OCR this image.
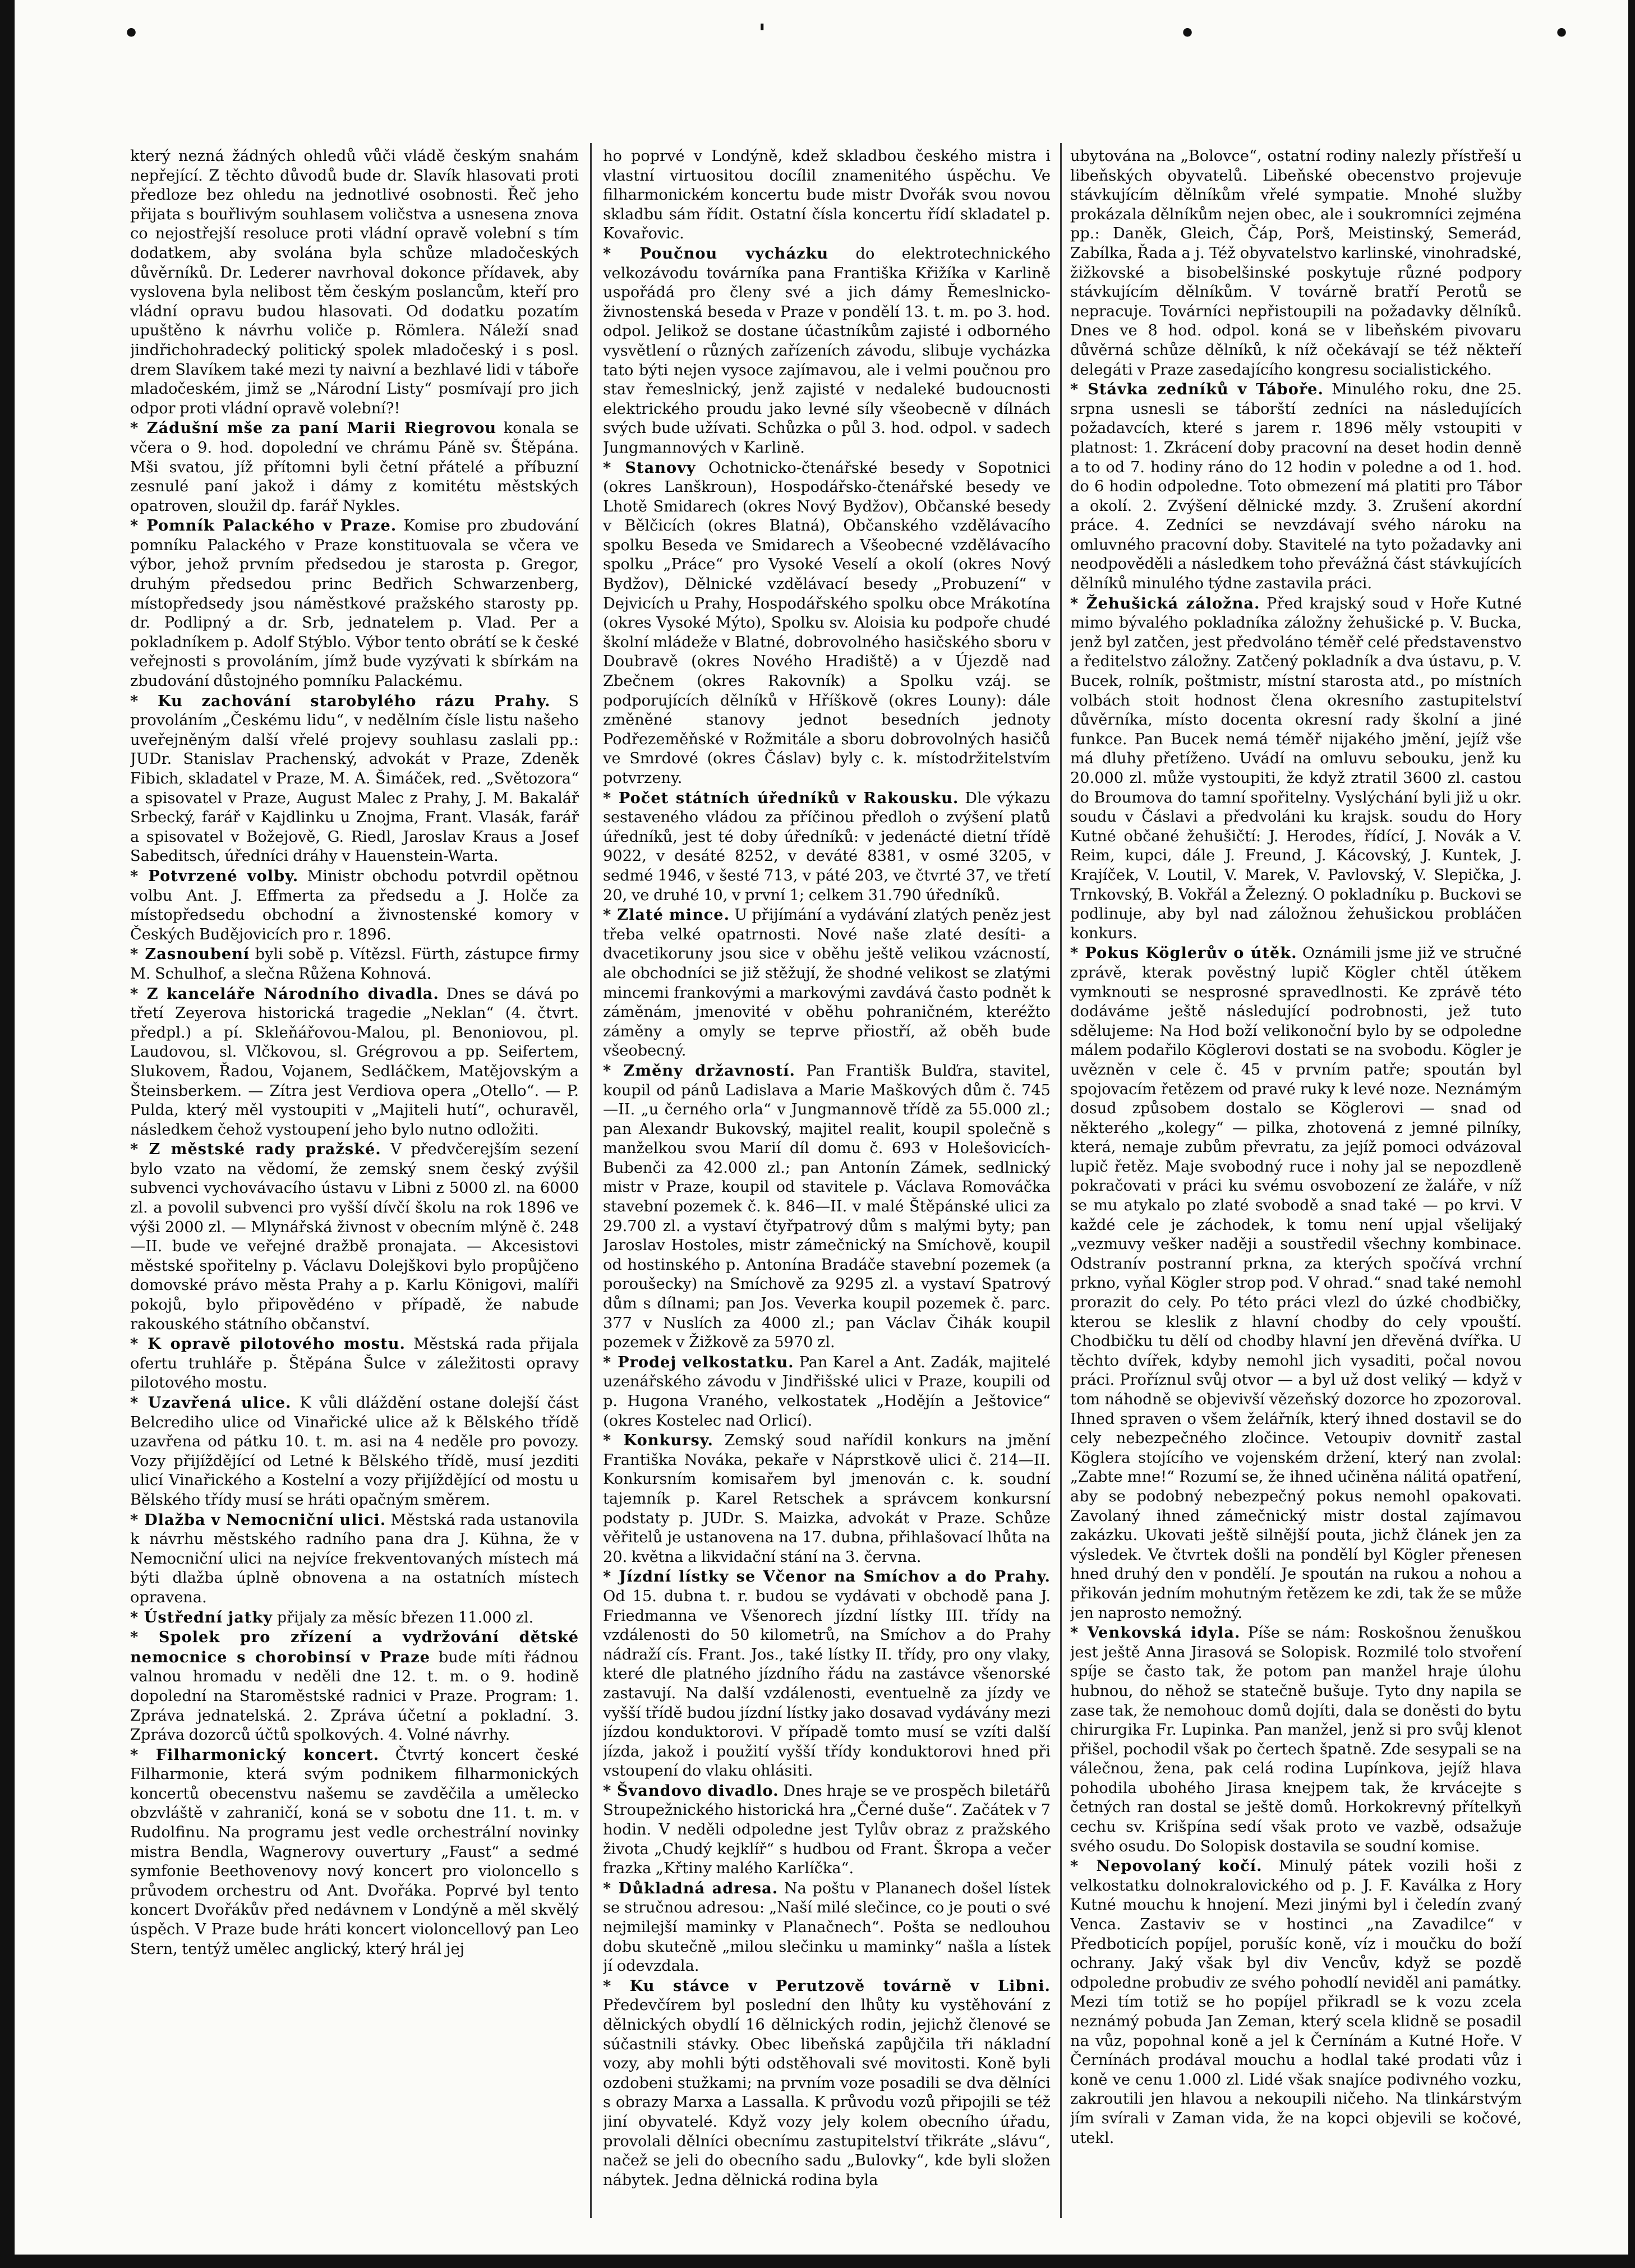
•	'	•	•

který nezná žádných ohledů vůči vládě českým snahám nepřející. Z těchto důvodů bude dr. Slavík hlasovati proti předloze bez ohledu na jednotlivé osobnosti. Řeč jeho přijata s bouřlivým souhlasem voličstva a usnesena znova co nejostřejší resoluce proti vládní opravě volební s tím dodatkem, aby svolána byla schůze mladočeských důvěrníků. Dr. Lederer navrhoval dokonce přídavek, aby vyslovena byla nelibost těm českým poslancům, kteří pro vládní opravu budou hlasovati. Od dodatku pozatím upuštěno k návrhu voliče p. Römlera. Náleží snad jindřichohradecký politický spolek mladočeský i s posl. drem Slavíkem také mezi ty naivní a bezhlavé lidi v táboře mladočeském, jimž se „Národní Listy“ posmívají pro jich odpor proti vládní opravě volební?!

* Zádušní mše za paní Marii Riegrovou konala se včera o 9. hod. dopolední ve chrámu Páně sv. Štěpána. Mši svatou, jíž přítomni byli četní přátelé a příbuzní zesnulé paní jakož i dámy z komitétu městských opatroven, sloužil dp. farář Nykles.

* Pomník Palackého v Praze. Komise pro zbudování pomníku Palackého v Praze konstituovala se včera ve výbor, jehož prvním předsedou je starosta p. Gregor, druhým předsedou princ Bedřich Schwarzenberg, místopředsedy jsou náměstkové pražského starosty pp. dr. Podlipný a dr. Srb, jednatelem p. Vlad. Per a pokladníkem p. Adolf Stýblo. Výbor tento obrátí se k české veřejnosti s provoláním, jímž bude vyzývati k sbírkám na zbudování důstojného pomníku Palackému.

* Ku zachování starobylého rázu Prahy. S provoláním „Českému lidu“, v nedělním čísle listu našeho uveřejněným další vřelé projevy souhlasu zaslali pp.: JUDr. Stanislav Prachenský, advokát v Praze, Zdeněk Fibich, skladatel v Praze, M. A. Šimáček, red. „Světozora“ a spisovatel v Praze, August Malec z Prahy, J. M. Bakalář Srbecký, farář v Kajdlinku u Znojma, Frant. Vlasák, farář a spisovatel v Božejově, G. Riedl, Jaroslav Kraus a Josef Sabeditsch, úředníci dráhy v Hauenstein-Warta.

* Potvrzené volby. Ministr obchodu potvrdil opětnou volbu Ant. J. Effmerta za předsedu a J. Holče za místopředsedu obchodní a živnostenské komory v Českých Budějovicích pro r. 1896.

* Zasnoubení byli sobě p. Vítězsl. Fürth, zástupce firmy M. Schulhof, a slečna Růžena Kohnová.

* Z kanceláře Národního divadla. Dnes se dává po třetí Zeyerova historická tragedie „Neklan“ (4. čtvrt. předpl.) a pí. Skleňářovou-Malou, pl. Benoniovou, pl. Laudovou, sl. Vlčkovou, sl. Grégrovou a pp. Seifertem, Slukovem, Řadou, Vojanem, Sedláčkem, Matějovským a Šteinsberkem. — Zítra jest Verdiova opera „Otello“. — P. Pulda, který měl vystoupiti v „Majiteli hutí“, ochuravěl, následkem čehož vystoupení jeho bylo nutno odložiti.

* Z městské rady pražské. V předvčerejším sezení bylo vzato na vědomí, že zemský snem český zvýšil subvenci vychovávacího ústavu v Libni z 5000 zl. na 6000 zl. a povolil subvenci pro vyšší dívčí školu na rok 1896 ve výši 2000 zl. — Mlynářská živnost v obecním mlýně č. 248—II. bude ve veřejné dražbě pronajata. — Akcesistovi městské spořitelny p. Václavu Dolejškovi bylo propůjčeno domovské právo města Prahy a p. Karlu Königovi, malíři pokojů, bylo připovědéno v případě, že nabude rakouského státního občanství.

* K opravě pilotového mostu. Městská rada přijala ofertu truhláře p. Štěpána Šulce v záležitosti opravy pilotového mostu.

* Uzavřená ulice. K vůli dláždění ostane dolejší část Belcrediho ulice od Vinařické ulice až k Bělského třídě uzavřena od pátku 10. t. m. asi na 4 neděle pro povozy. Vozy přijíždějící od Letné k Bělského třídě, musí jezditi ulicí Vinařického a Kostelní a vozy přijíždějící od mostu u Bělského třídy musí se hráti opačným směrem.

* Dlažba v Nemocniční ulici. Městská rada ustanovila k návrhu městského radního pana dra J. Kühna, že v Nemocniční ulici na nejvíce frekventovaných místech má býti dlažba úplně obnovena a na ostatních místech opravena.

* Ústřední jatky přijaly za měsíc březen 11.000 zl.

* Spolek pro zřízení a vydržování dětské nemocnice s chorobinsí v Praze bude míti řádnou valnou hromadu v neděli dne 12. t. m. o 9. hodině dopolední na Staroměstské radnici v Praze. Program: 1. Zpráva jednatelská. 2. Zpráva účetní a pokladní. 3. Zpráva dozorců účtů spolkových. 4. Volné návrhy.

* Filharmonický koncert. Čtvrtý koncert české Filharmonie, která svým podnikem filharmonických koncertů obecenstvu našemu se zavděčila a umělecko obzvláště v zahraničí, koná se v sobotu dne 11. t. m. v Rudolfinu. Na programu jest vedle orchestrální novinky mistra Bendla, Wagnerovy ouvertury „Faust“ a sedmé symfonie Beethovenovy nový koncert pro violoncello s průvodem orchestru od Ant. Dvořáka. Poprvé byl tento koncert Dvořákův před nedávnem v Londýně a měl skvělý úspěch. V Praze bude hráti koncert violoncellový pan Leo Stern, tentýž umělec anglický, který hrál jej

ho poprvé v Londýně, kdež skladbou českého mistra i vlastní virtuositou docílil znamenitého úspěchu. Ve filharmonickém koncertu bude mistr Dvořák svou novou skladbu sám řídit. Ostatní čísla koncertu řídí skladatel p. Kovařovic.

* Poučnou vycházku do elektrotechnického velkozávodu továrníka pana Františka Křižíka v Karlině uspořádá pro členy své a jich dámy Řemeslnicko-živnostenská beseda v Praze v pondělí 13. t. m. po 3. hod. odpol. Jelikož se dostane účastníkům zajisté i odborného vysvětlení o různých zařízeních závodu, slibuje vycházka tato býti nejen vysoce zajímavou, ale i velmi poučnou pro stav řemeslnický, jenž zajisté v nedaleké budoucnosti elektrického proudu jako levné síly všeobecně v dílnách svých bude užívati. Schůzka o půl 3. hod. odpol. v sadech Jungmannových v Karlině.

* Stanovy Ochotnicko-čtenářské besedy v Sopotnici (okres Lanškroun), Hospodářsko-čtenářské besedy ve Lhotě Smidarech (okres Nový Bydžov), Občanské besedy v Bělčicích (okres Blatná), Občanského vzdělávacího spolku Beseda ve Smidarech a Všeobecné vzdělávacího spolku „Práce“ pro Vysoké Veselí a okolí (okres Nový Bydžov), Dělnické vzdělávací besedy „Probuzení“ v Dejvicích u Prahy, Hospodářského spolku obce Mrákotína (okres Vysoké Mýto), Spolku sv. Aloisia ku podpoře chudé školní mládeže v Blatné, dobrovolného hasičského sboru v Doubravě (okres Nového Hradiště) a v Újezdě nad Zbečnem (okres Rakovník) a Spolku vzáj. se podporujících dělníků v Hříškově (okres Louny): dále změněné stanovy jednot besedních jednoty Podřezeměňské v Rožmitále a sboru dobrovolných hasičů ve Smrdové (okres Čáslav) byly c. k. místodržitelstvím potvrzeny.

* Počet státních úředníků v Rakousku. Dle výkazu sestaveného vládou za příčinou předloh o zvýšení platů úředníků, jest té doby úředníků: v jedenácté dietní třídě 9022, v desáté 8252, v deváté 8381, v osmé 3205, v sedmé 1946, v šesté 713, v páté 203, ve čtvrté 37, ve třetí 20, ve druhé 10, v první 1; celkem 31.790 úředníků.

* Zlaté mince. U přijímání a vydávání zlatých peněz jest třeba velké opatrnosti. Nové naše zlaté desíti- a dvacetikoruny jsou sice v oběhu ještě velikou vzácností, ale obchodníci se již stěžují, že shodné velikost se zlatými mincemi frankovými a markovými zavdává často podnět k záměnám, jmenovité v oběhu pohraničném, kteréžto záměny a omyly se teprve přiostří, až oběh bude všeobecný.

* Změny državností. Pan Františk Bulďra, stavitel, koupil od pánů Ladislava a Marie Maškových dům č. 745—II. „u černého orla“ v Jungmannově třídě za 55.000 zl.; pan Alexandr Bukovský, majitel realit, koupil společně s manželkou svou Marií díl domu č. 693 v Holešovicích-Bubenči za 42.000 zl.; pan Antonín Zámek, sedlnický mistr v Praze, koupil od stavitele p. Václava Romováčka stavební pozemek č. k. 846—II. v malé Štěpánské ulici za 29.700 zl. a vystaví čtyřpatrový dům s malými byty; pan Jaroslav Hostoles, mistr zámečnický na Smíchově, koupil od hostinského p. Antonína Bradáče stavební pozemek (a poroušecky) na Smíchově za 9295 zl. a vystaví Spatrový dům s dílnami; pan Jos. Veverka koupil pozemek č. parc. 377 v Nuslích za 4000 zl.; pan Václav Čihák koupil pozemek v Žižkově za 5970 zl.

* Prodej velkostatku. Pan Karel a Ant. Zadák, majitelé uzenářského závodu v Jindřišské ulici v Praze, koupili od p. Hugona Vraného, velkostatek „Hodějín a Ještovice“ (okres Kostelec nad Orlicí).

* Konkursy. Zemský soud nařídil konkurs na jmění Františka Nováka, pekaře v Náprstkově ulici č. 214—II. Konkursním komisařem byl jmenován c. k. soudní tajemník p. Karel Retschek a správcem konkursní podstaty p. JUDr. S. Maizka, advokát v Praze. Schůze věřitelů je ustanovena na 17. dubna, přihlašovací lhůta na 20. května a likvidační stání na 3. června.

* Jízdní lístky se Včenor na Smíchov a do Prahy. Od 15. dubna t. r. budou se vydávati v obchodě pana J. Friedmanna ve Všenorech jízdní lístky III. třídy na vzdálenosti do 50 kilometrů, na Smíchov a do Prahy nádraží cís. Frant. Jos., také lístky II. třídy, pro ony vlaky, které dle platného jízdního řádu na zastávce všenorské zastavují. Na další vzdálenosti, eventuelně za jízdy ve vyšší třídě budou jízdní lístky jako dosavad vydávány mezi jízdou konduktorovi. V případě tomto musí se vzíti další jízda, jakož i použití vyšší třídy konduktorovi hned při vstoupení do vlaku ohlásiti.

* Švandovo divadlo. Dnes hraje se ve prospěch biletářů Stroupežnického historická hra „Černé duše“. Začátek v 7 hodin. V neděli odpoledne jest Tylův obraz z pražského života „Chudý kejklíř“ s hudbou od Frant. Škropa a večer frazka „Křtiny malého Karlíčka“.

* Důkladná adresa. Na poštu v Plananech došel lístek se stručnou adresou: „Naší milé slečince, co je pouti o své nejmilejší maminky v Planačnech“. Pošta se nedlouhou dobu skutečně „milou slečinku u maminky“ našla a lístek jí odevzdala.

* Ku stávce v Perutzově továrně v Libni. Předevčírem byl poslední den lhůty ku vystěhování z dělnických obydlí 16 dělnických rodin, jejichž členové se súčastnili stávky. Obec libeňská zapůjčila tři nákladní vozy, aby mohli býti odstěhovali své movitosti. Koně byli ozdobeni stužkami; na prvním voze posadili se dva dělníci s obrazy Marxa a Lassalla. K průvodu vozů připojili se též jiní obyvatelé. Když vozy jely kolem obecního úřadu, provolali dělníci obecnímu zastupitelství třikráte „slávu“, načež se jeli do obecního sadu „Bulovky“, kde byli složen nábytek. Jedna dělnická rodina byla

ubytována na „Bolovce“, ostatní rodiny nalezly přístřeší u libeňských obyvatelů. Libeňské obecenstvo projevuje stávkujícím dělníkům vřelé sympatie. Mnohé služby prokázala dělníkům nejen obec, ale i soukromníci zejména pp.: Daněk, Gleich, Čáp, Porš, Meistinský, Semerád, Zabílka, Řada a j. Též obyvatelstvo karlinské, vinohradské, žižkovské a bisobelšinské poskytuje různé podpory stávkujícím dělníkům. V továrně bratří Perotů se nepracuje. Továrníci nepřistoupili na požadavky dělníků. Dnes ve 8 hod. odpol. koná se v libeňském pivovaru důvěrná schůze dělníků, k níž očekávají se též někteří delegáti v Praze zasedajícího kongresu socialistického.

* Stávka zedníků v Táboře. Minulého roku, dne 25. srpna usnesli se táborští zedníci na následujících požadavcích, které s jarem r. 1896 měly vstoupiti v platnost: 1. Zkrácení doby pracovní na deset hodin denně a to od 7. hodiny ráno do 12 hodin v poledne a od 1. hod. do 6 hodin odpoledne. Toto obmezení má platiti pro Tábor a okolí. 2. Zvýšení dělnické mzdy. 3. Zrušení akordní práce. 4. Zedníci se nevzdávají svého nároku na omluvného pracovní doby. Stavitelé na tyto požadavky ani neodpověděli a následkem toho převážná část stávkujících dělníků minulého týdne zastavila práci.

* Žehušická záložna. Před krajský soud v Hoře Kutné mimo bývalého pokladníka záložny žehušické p. V. Bucka, jenž byl zatčen, jest předvoláno téměř celé představenstvo a ředitelstvo záložny. Zatčený pokladník a dva ústavu, p. V. Bucek, rolník, poštmistr, místní starosta atd., po místních volbách stoit hodnost člena okresního zastupitelství důvěrníka, místo docenta okresní rady školní a jiné funkce. Pan Bucek nemá téměř nijakého jmění, jejíž vše má dluhy přetíženo. Uvádí na omluvu sebouku, jenž ku 20.000 zl. může vystoupiti, že když ztratil 3600 zl. castou do Broumova do tamní spořitelny. Vyslýchání byli již u okr. soudu v Čáslavi a předvoláni ku krajsk. soudu do Hory Kutné občané žehušičtí: J. Herodes, řídící, J. Novák a V. Reim, kupci, dále J. Freund, J. Kácovský, J. Kuntek, J. Krajíček, V. Loutil, V. Marek, V. Pavlovský, V. Slepička, J. Trnkovský, B. Vokřál a Železný. O pokladníku p. Buckovi se podlinuje, aby byl nad záložnou žehušickou probláčen konkurs.

* Pokus Köglerův o útěk. Oznámili jsme již ve stručné zprávě, kterak pověstný lupič Kögler chtěl útěkem vymknouti se nesprosné spravedlnosti. Ke zprávě této dodáváme ještě následující podrobnosti, jež tuto sdělujeme: Na Hod boží velikonoční bylo by se odpoledne málem podařilo Köglerovi dostati se na svobodu. Kögler je uvězněn v cele č. 45 v prvním patře; spoután byl spojovacím řetězem od pravé ruky k levé noze. Neznámým dosud způsobem dostalo se Köglerovi — snad od některého „kolegy“ — pilka, zhotovená z jemné pilníky, která, nemaje zubům převratu, za jejíž pomoci odvázoval lupič řetěz. Maje svobodný ruce i nohy jal se nepozdleně pokračovati v práci ku svému osvobození ze žaláře, v níž se mu atykalo po zlaté svobodě a snad také — po krvi. V každé cele je záchodek, k tomu není upjal všelijaký „vezmuvy vešker naději a soustředil všechny kombinace. Odstranív postranní prkna, za kterých spočívá vrchní prkno, vyňal Kögler strop pod. V ohrad.“ snad také nemohl prorazit do cely. Po této práci vlezl do úzké chodbičky, kterou se kleslik z hlavní chodby do cely vpouští. Chodbičku tu dělí od chodby hlavní jen dřevěná dvířka. U těchto dvířek, kdyby nemohl jich vysaditi, počal novou práci. Proříznul svůj otvor — a byl už dost veliký — když v tom náhodně se objevivší vězeňský dozorce ho zpozoroval. Ihned spraven o všem želářník, který ihned dostavil se do cely nebezpečného zločince. Vetoupiv dovnitř zastal Köglera stojícího ve vojenském držení, který nan zvolal: „Zabte mne!“ Rozumí se, že ihned učiněna nálitá opatření, aby se podobný nebezpečný pokus nemohl opakovati. Zavolaný ihned zámečnický mistr dostal zajímavou zakázku. Ukovati ještě silnější pouta, jichž článek jen za výsledek. Ve čtvrtek došli na pondělí byl Kögler přenesen hned druhý den v pondělí. Je spoután na rukou a nohou a přikován jedním mohutným řetězem ke zdi, tak že se může jen naprosto nemožný.

* Venkovská idyla. Píše se nám: Roskošnou ženuškou jest ještě Anna Jirasová se Solopisk. Rozmilé tolo stvoření spíje se často tak, že potom pan manžel hraje úlohu hubnou, do něhož se statečně bušuje. Tyto dny napila se zase tak, že nemohouc domů dojíti, dala se doněsti do bytu chirurgika Fr. Lupinka. Pan manžel, jenž si pro svůj klenot přišel, pochodil však po čertech špatně. Zde sesypali se na válečnou, žena, pak celá rodina Lupínkova, jejíž hlava pohodila ubohého Jirasa knejpem tak, že krvácejte s četných ran dostal se ještě domů. Horkokrevný přítelkyň cechu sv. Krišpína sedí však proto ve vazbě, odsažuje svého osudu. Do Solopisk dostavila se soudní komise.

* Nepovolaný kočí. Minulý pátek vozili hoši z velkostatku dolnokralovického od p. J. F. Kaválka z Hory Kutné mouchu k hnojení. Mezi jinými byl i čeledín zvaný Venca. Zastaviv se v hostinci „na Zavadilce“ v Předboticích popíjel, porušíc koně, víz i moučku do boží ochrany. Jaký však byl div Vencův, když se pozdě odpoledne probudiv ze svého pohodlí neviděl ani památky. Mezi tím totiž se ho popíjel přikradl se k vozu zcela neznámý pobuda Jan Zeman, který scela klidně se posadil na vůz, popohnal koně a jel k Černínám a Kutné Hoře. V Černínách prodával mouchu a hodlal také prodati vůz i koně ve cenu 1.000 zl. Lidé však snajíce podivného vozku, zakroutili jen hlavou a nekoupili ničeho. Na tlinkárstvým jím svírali v Zaman vida, že na kopci objevili se kočové, utekl.
